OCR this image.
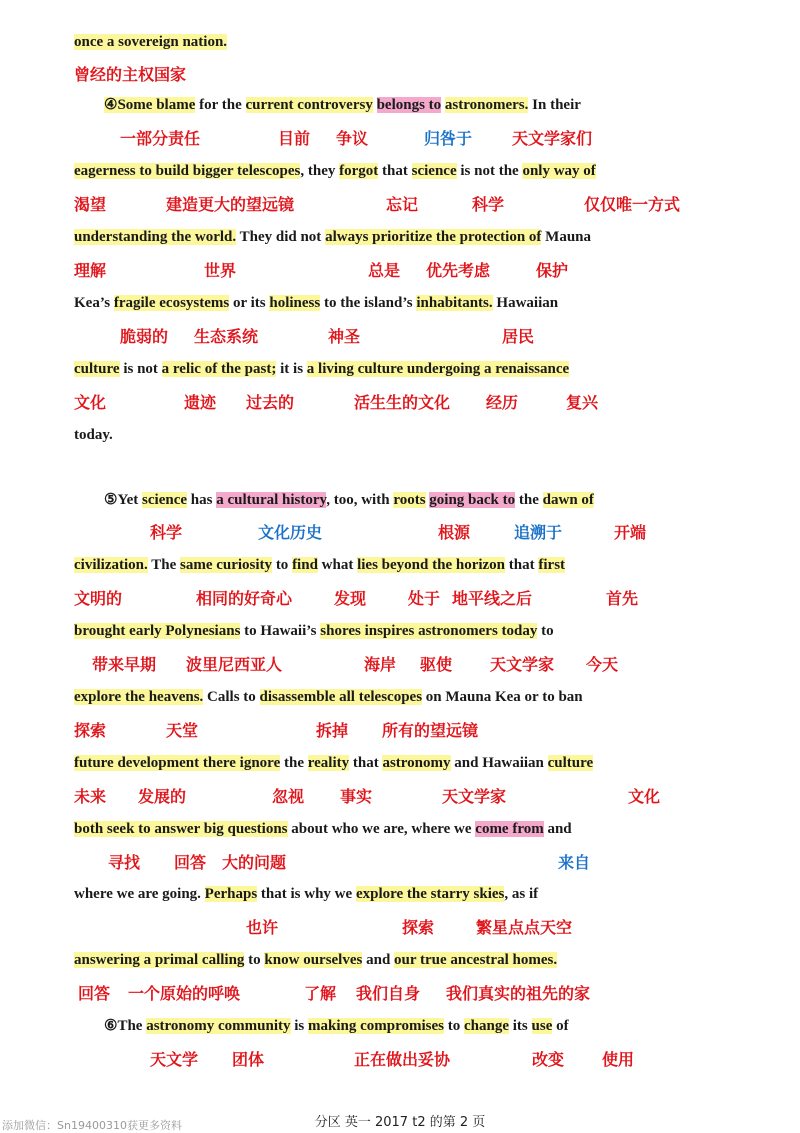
once a sovereign nation.
曾经的主权国家
④Some blame for the current controversy belongs to astronomers. In their
一部分责任	目前 争议	归咎于 天文学家们
eagerness to build bigger telescopes, they forgot that science is not the only way of
渴望	建造更大的望远镜	忘记	科学	仅仅唯一方式
understanding the world. They did not always prioritize the protection of Mauna
理解	世界	总是 优先考虑	保护
Kea’s fragile ecosystems or its holiness to the island’s inhabitants. Hawaiian
脆弱的 生态系统	神圣	居民
culture is not a relic of the past; it is a living culture undergoing a renaissance
文化	遗迹 过去的	活生生的文化 经历	复兴
today.
⑤Yet science has a cultural history, too, with roots going back to the dawn of
科学	文化历史	根源	追溯于	开端
civilization. The same curiosity to find what lies beyond the horizon that first
文明的	相同的好奇心	发现	处于 地平线之后	首先
brought early Polynesians to Hawaii’s shores inspires astronomers today to
带来早期 波里尼西亚人	海岸 驱使 天文学家 今天
explore the heavens. Calls to disassemble all telescopes on Mauna Kea or to ban
探索	天堂	拆掉 所有的望远镜
future development there ignore the reality that astronomy and Hawaiian culture
未来 发展的	忽视 事实	天文学家	文化
both seek to answer big questions about who we are, where we come from and
寻找 回答 大的问题	来自
where we are going. Perhaps that is why we explore the starry skies, as if
也许	探索	繁星点点天空
answering a primal calling to know ourselves and our true ancestral homes.
回答 一个原始的呼唤	了解 我们自身 我们真实的祖先的家
⑥The astronomy community is making compromises to change its use of
天文学 团体	正在做出妥协	改变 使用
分区 英一 2017 t2 的第 2 页
添加微信：Sn19400310获更多资料
